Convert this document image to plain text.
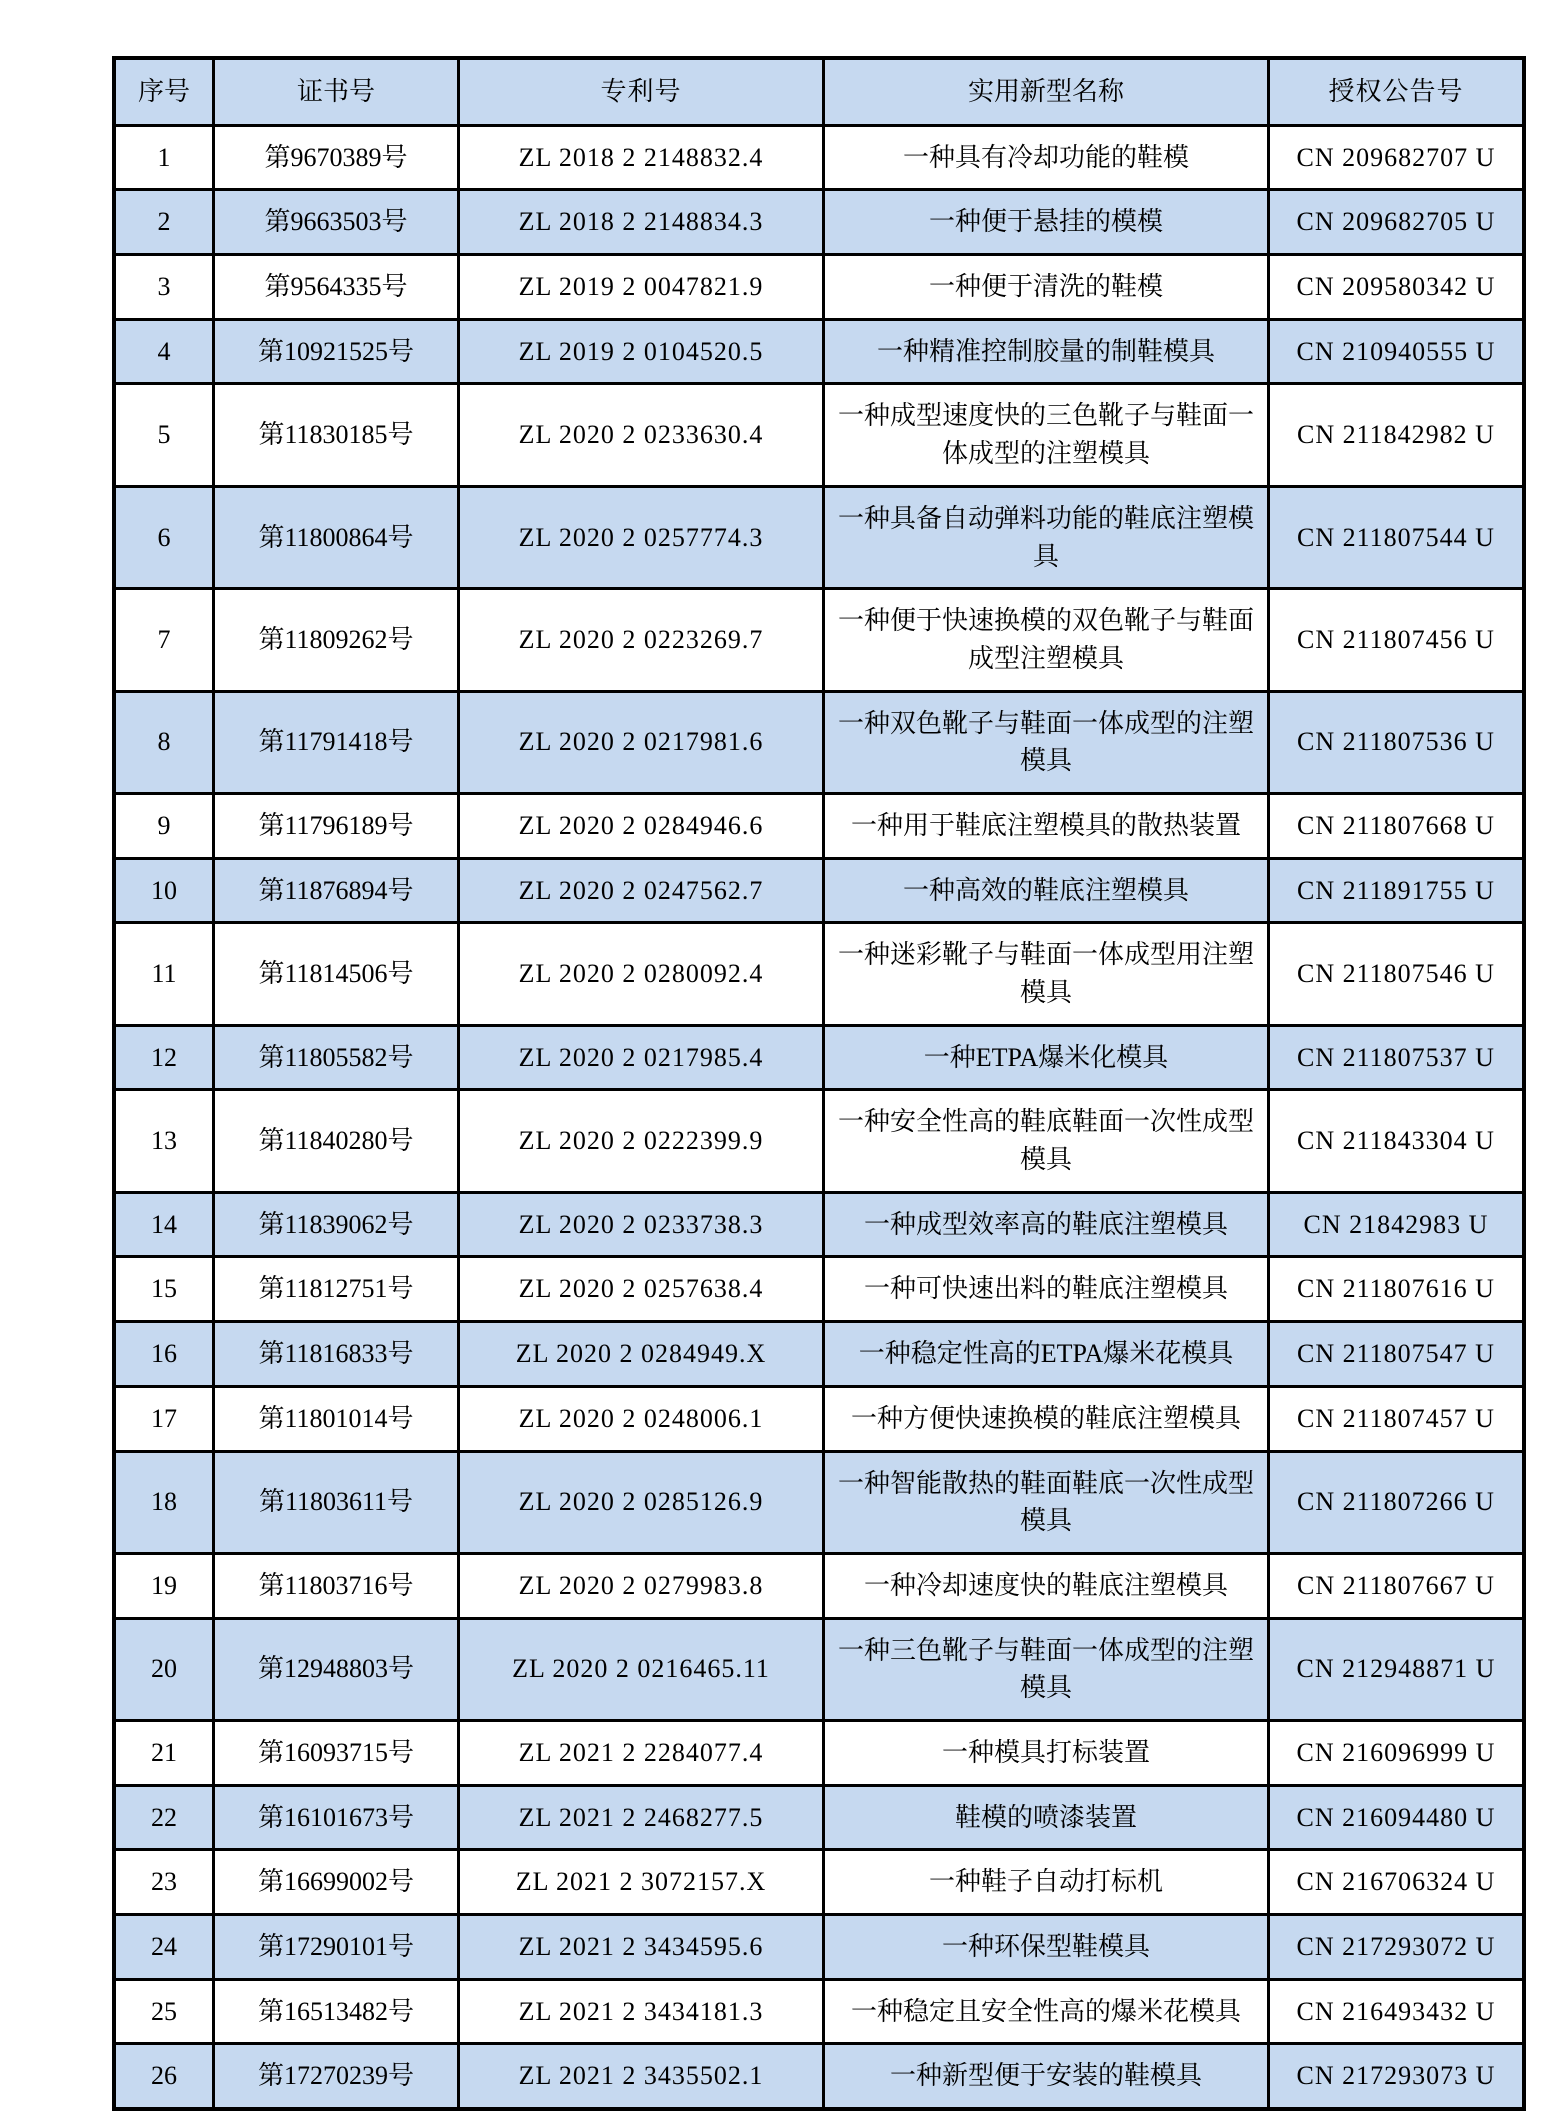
序号	证书号	专利号	实用新型名称	授权公告号
1	第9670389号	ZL 2018 2 2148832.4	一种具有冷却功能的鞋模	CN 209682707 U
2	第9663503号	ZL 2018 2 2148834.3	一种便于悬挂的模模	CN 209682705 U
3	第9564335号	ZL 2019 2 0047821.9	一种便于清洗的鞋模	CN 209580342 U
4	第10921525号	ZL 2019 2 0104520.5	一种精准控制胶量的制鞋模具	CN 210940555 U
5	第11830185号	ZL 2020 2 0233630.4	一种成型速度快的三色靴子与鞋面一体成型的注塑模具	CN 211842982 U
6	第11800864号	ZL 2020 2 0257774.3	一种具备自动弹料功能的鞋底注塑模具	CN 211807544 U
7	第11809262号	ZL 2020 2 0223269.7	一种便于快速换模的双色靴子与鞋面成型注塑模具	CN 211807456 U
8	第11791418号	ZL 2020 2 0217981.6	一种双色靴子与鞋面一体成型的注塑模具	CN 211807536 U
9	第11796189号	ZL 2020 2 0284946.6	一种用于鞋底注塑模具的散热装置	CN 211807668 U
10	第11876894号	ZL 2020 2 0247562.7	一种高效的鞋底注塑模具	CN 211891755 U
11	第11814506号	ZL 2020 2 0280092.4	一种迷彩靴子与鞋面一体成型用注塑模具	CN 211807546 U
12	第11805582号	ZL 2020 2 0217985.4	一种ETPA爆米化模具	CN 211807537 U
13	第11840280号	ZL 2020 2 0222399.9	一种安全性高的鞋底鞋面一次性成型模具	CN 211843304 U
14	第11839062号	ZL 2020 2 0233738.3	一种成型效率高的鞋底注塑模具	CN 21842983 U
15	第11812751号	ZL 2020 2 0257638.4	一种可快速出料的鞋底注塑模具	CN 211807616 U
16	第11816833号	ZL 2020 2 0284949.X	一种稳定性高的ETPA爆米花模具	CN 211807547 U
17	第11801014号	ZL 2020 2 0248006.1	一种方便快速换模的鞋底注塑模具	CN 211807457 U
18	第11803611号	ZL 2020 2 0285126.9	一种智能散热的鞋面鞋底一次性成型模具	CN 211807266 U
19	第11803716号	ZL 2020 2 0279983.8	一种冷却速度快的鞋底注塑模具	CN 211807667 U
20	第12948803号	ZL 2020 2 0216465.11	一种三色靴子与鞋面一体成型的注塑模具	CN 212948871 U
21	第16093715号	ZL 2021 2 2284077.4	一种模具打标装置	CN 216096999 U
22	第16101673号	ZL 2021 2 2468277.5	鞋模的喷漆装置	CN 216094480 U
23	第16699002号	ZL 2021 2 3072157.X	一种鞋子自动打标机	CN 216706324 U
24	第17290101号	ZL 2021 2 3434595.6	一种环保型鞋模具	CN 217293072 U
25	第16513482号	ZL 2021 2 3434181.3	一种稳定且安全性高的爆米花模具	CN 216493432 U
26	第17270239号	ZL 2021 2 3435502.1	一种新型便于安装的鞋模具	CN 217293073 U
